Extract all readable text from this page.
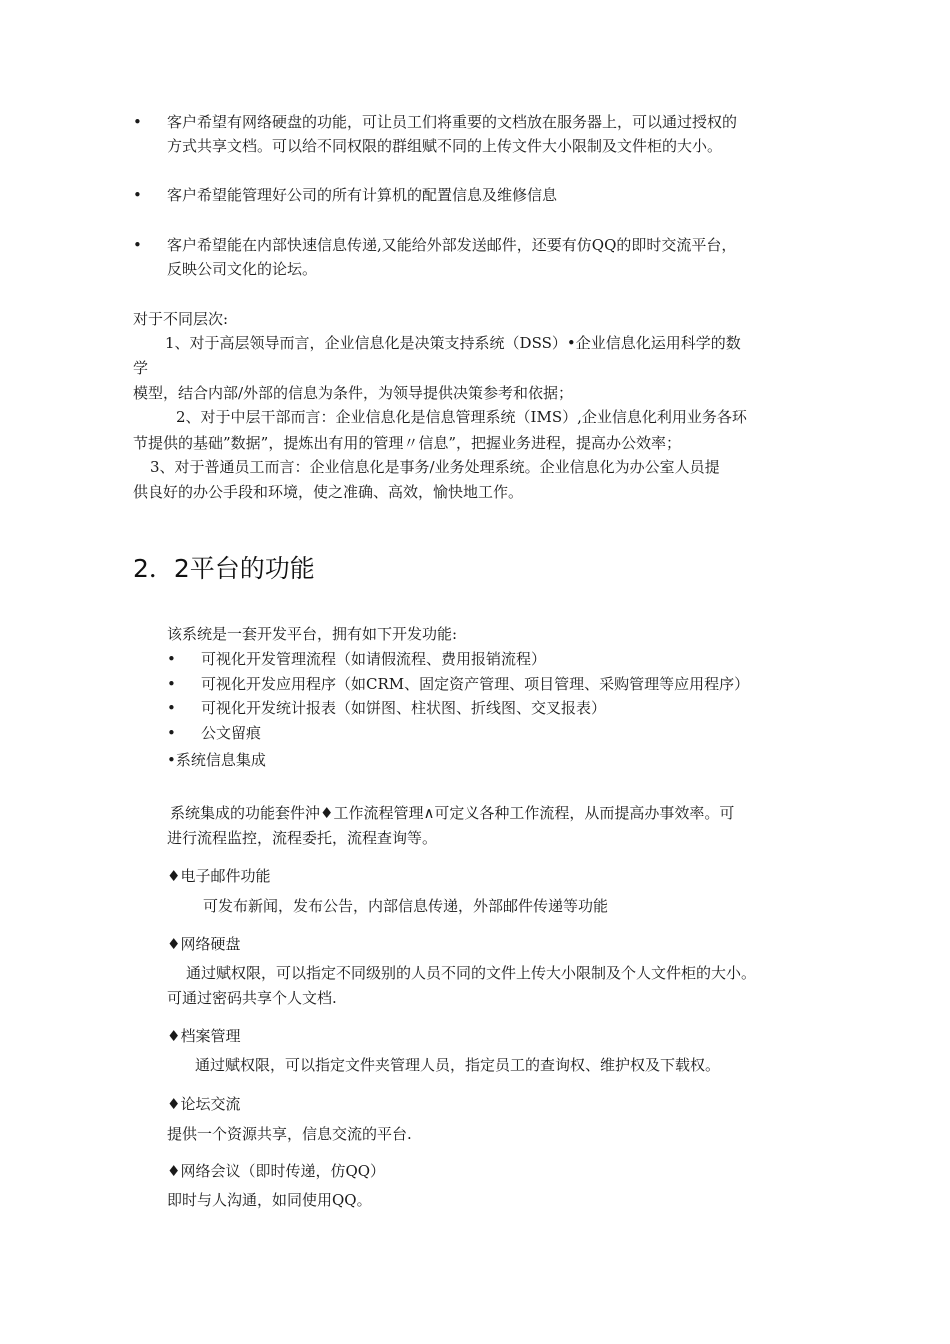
• 客户希望有网络硬盘的功能，可让员工们将重要的文档放在服务器上，可以通过授权的
方式共享文档。可以给不同权限的群组赋不同的上传文件大小限制及文件柜的大小。
• 客户希望能管理好公司的所有计算机的配置信息及维修信息
• 客户希望能在内部快速信息传递,又能给外部发送邮件，还要有仿QQ的即时交流平台，
反映公司文化的论坛。
对于不同层次:
1、对于高层领导而言，企业信息化是决策支持系统（DSS）•企业信息化运用科学的数
学
模型，结合内部/外部的信息为条件，为领导提供决策参考和依据；
2、对于中层干部而言：企业信息化是信息管理系统（IMS）,企业信息化利用业务各环
节提供的基础”数据”，提炼出有用的管理〃信息”，把握业务进程，提高办公效率；
3、对于普通员工而言：企业信息化是事务/业务处理系统。企业信息化为办公室人员提
供良好的办公手段和环境，使之准确、高效，愉快地工作。
2．2平台的功能
该系统是一套开发平台，拥有如下开发功能:
• 可视化开发管理流程（如请假流程、费用报销流程）
• 可视化开发应用程序（如CRM、固定资产管理、项目管理、采购管理等应用程序）
• 可视化开发统计报表（如饼图、柱状图、折线图、交叉报表）
• 公文留痕
•系统信息集成
系统集成的功能套件沖♦工作流程管理∧可定义各种工作流程，从而提高办事效率。可
进行流程监控，流程委托，流程查询等。
♦电子邮件功能
可发布新闻，发布公告，内部信息传递，外部邮件传递等功能
♦网络硬盘
通过赋权限，可以指定不同级别的人员不同的文件上传大小限制及个人文件柜的大小。
可通过密码共享个人文档.
♦档案管理
通过赋权限，可以指定文件夹管理人员，指定员工的查询权、维护权及下载权。
♦论坛交流
提供一个资源共享，信息交流的平台.
♦网络会议（即时传递，仿QQ）
即时与人沟通，如同使用QQ。
